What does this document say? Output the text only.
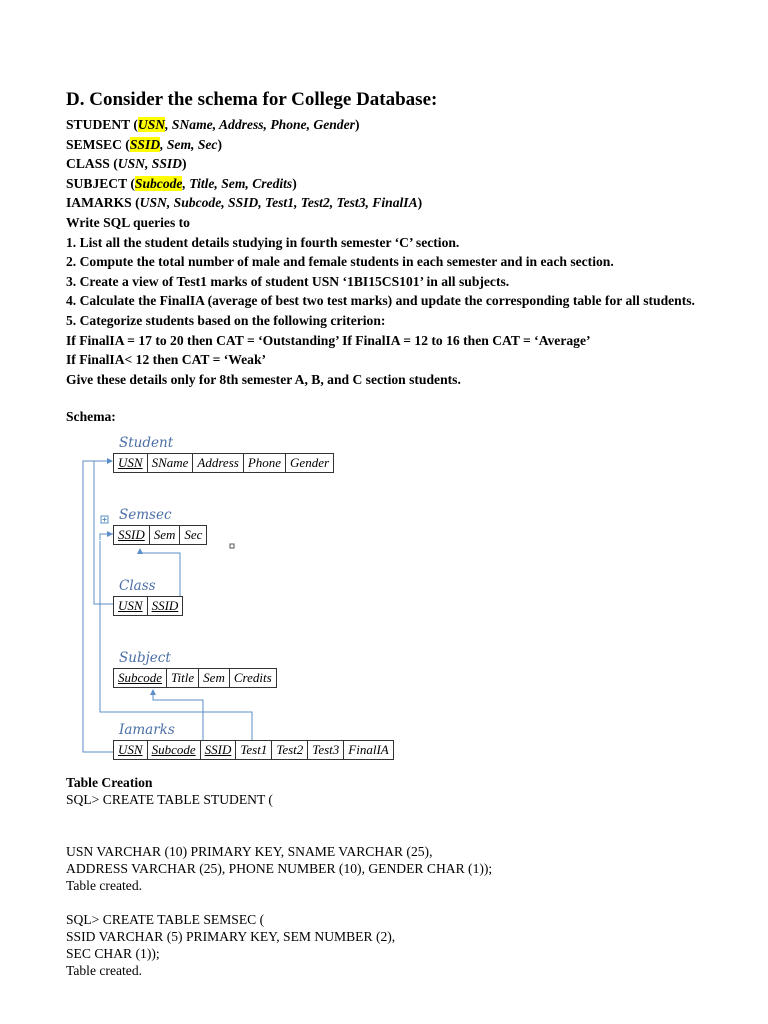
D. Consider the schema for College Database:
STUDENT (USN, SName, Address, Phone, Gender)
SEMSEC (SSID, Sem, Sec)
CLASS (USN, SSID)
SUBJECT (Subcode, Title, Sem, Credits)
IAMARKS (USN, Subcode, SSID, Test1, Test2, Test3, FinalIA)
Write SQL queries to
1. List all the student details studying in fourth semester ‘C’ section.
2. Compute the total number of male and female students in each semester and in each section.
3. Create a view of Test1 marks of student USN ‘1BI15CS101’ in all subjects.
4. Calculate the FinalIA (average of best two test marks) and update the corresponding table for all students.
5. Categorize students based on the following criterion:
If FinalIA = 17 to 20 then CAT = ‘Outstanding’ If FinalIA = 12 to 16 then CAT = ‘Average’
If FinalIA< 12 then CAT = ‘Weak’
Give these details only for 8th semester A, B, and C section students.
Schema:
Student
USN SName Address Phone Gender
Semsec
SSID Sem Sec
Class
USN SSID
Subject
Subcode Title Sem Credits
Iamarks
USN Subcode SSID Test1 Test2 Test3 FinalIA
Table Creation
SQL> CREATE TABLE STUDENT (
USN VARCHAR (10) PRIMARY KEY, SNAME VARCHAR (25),
ADDRESS VARCHAR (25), PHONE NUMBER (10), GENDER CHAR (1));
Table created.
SQL> CREATE TABLE SEMSEC (
SSID VARCHAR (5) PRIMARY KEY, SEM NUMBER (2),
SEC CHAR (1));
Table created.
